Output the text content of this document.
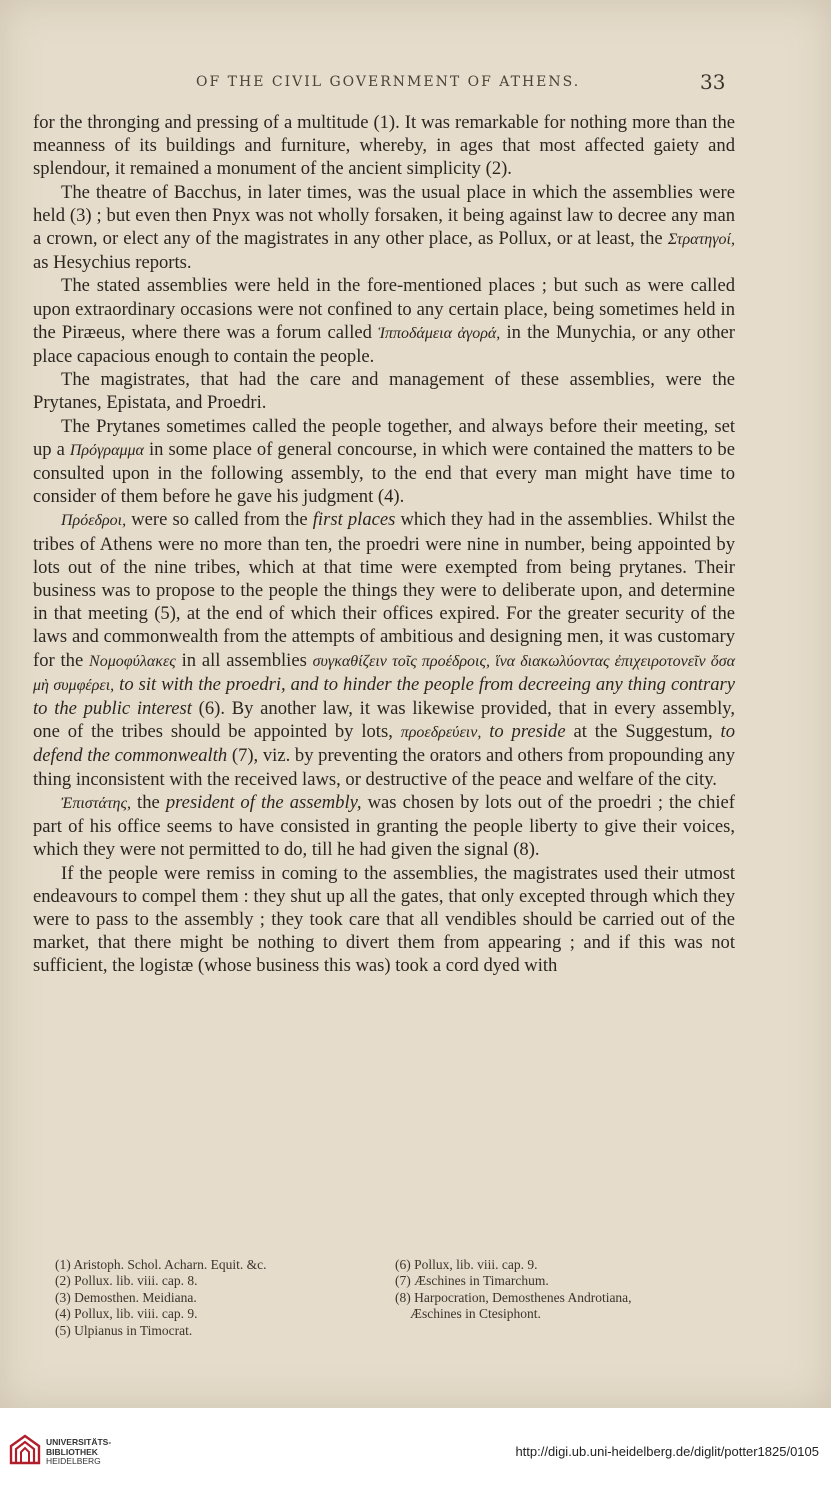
OF THE CIVIL GOVERNMENT OF ATHENS.	33

for the thronging and pressing of a multitude (1). It was remarkable for nothing more than the meanness of its buildings and furniture, whereby, in ages that most affected gaiety and splendour, it remained a monument of the ancient simplicity (2).

The theatre of Bacchus, in later times, was the usual place in which the assemblies were held (3) ; but even then Pnyx was not wholly forsaken, it being against law to decree any man a crown, or elect any of the magistrates in any other place, as Pollux, or at least, the Στρατηγοί, as Hesychius reports.

The stated assemblies were held in the fore-mentioned places ; but such as were called upon extraordinary occasions were not confined to any certain place, being sometimes held in the Piræeus, where there was a forum called Ἱπποδάμεια ἀγορά, in the Munychia, or any other place capacious enough to contain the people.

The magistrates, that had the care and management of these assemblies, were the Prytanes, Epistata, and Proedri.

The Prytanes sometimes called the people together, and always before their meeting, set up a Πρόγραμμα in some place of general concourse, in which were contained the matters to be consulted upon in the following assembly, to the end that every man might have time to consider of them before he gave his judgment (4).

Πρόεδροι, were so called from the first places which they had in the assemblies. Whilst the tribes of Athens were no more than ten, the proedri were nine in number, being appointed by lots out of the nine tribes, which at that time were exempted from being prytanes. Their business was to propose to the people the things they were to deliberate upon, and determine in that meeting (5), at the end of which their offices expired. For the greater security of the laws and commonwealth from the attempts of ambitious and designing men, it was customary for the Νομοφύλακες in all assemblies συγκαθίζειν τοῖς προέδροις, ἵνα διακωλύοντας ἐπιχειροτονεῖν ὅσα μὴ συμφέρει, to sit with the proedri, and to hinder the people from decreeing any thing contrary to the public interest (6). By another law, it was likewise provided, that in every assembly, one of the tribes should be appointed by lots, προεδρεύειν, to preside at the Suggestum, to defend the commonwealth (7), viz. by preventing the orators and others from propounding any thing inconsistent with the received laws, or destructive of the peace and welfare of the city.

Ἐπιστάτης, the president of the assembly, was chosen by lots out of the proedri ; the chief part of his office seems to have consisted in granting the people liberty to give their voices, which they were not permitted to do, till he had given the signal (8).

If the people were remiss in coming to the assemblies, the magistrates used their utmost endeavours to compel them : they shut up all the gates, that only excepted through which they were to pass to the assembly ; they took care that all vendibles should be carried out of the market, that there might be nothing to divert them from appearing ; and if this was not sufficient, the logistæ (whose business this was) took a cord dyed with

(1) Aristoph. Schol. Acharn. Equit. &c.
(2) Pollux. lib. viii. cap. 8.
(3) Demosthen. Meidiana.
(4) Pollux, lib. viii. cap. 9.
(5) Ulpianus in Timocrat.
(6) Pollux, lib. viii. cap. 9.
(7) Æschines in Timarchum.
(8) Harpocration, Demosthenes Androtiana,
Æschines in Ctesiphont.
UNIVERSITÄTS-
BIBLIOTHEK
HEIDELBERG
http://digi.ub.uni-heidelberg.de/diglit/potter1825/0105
